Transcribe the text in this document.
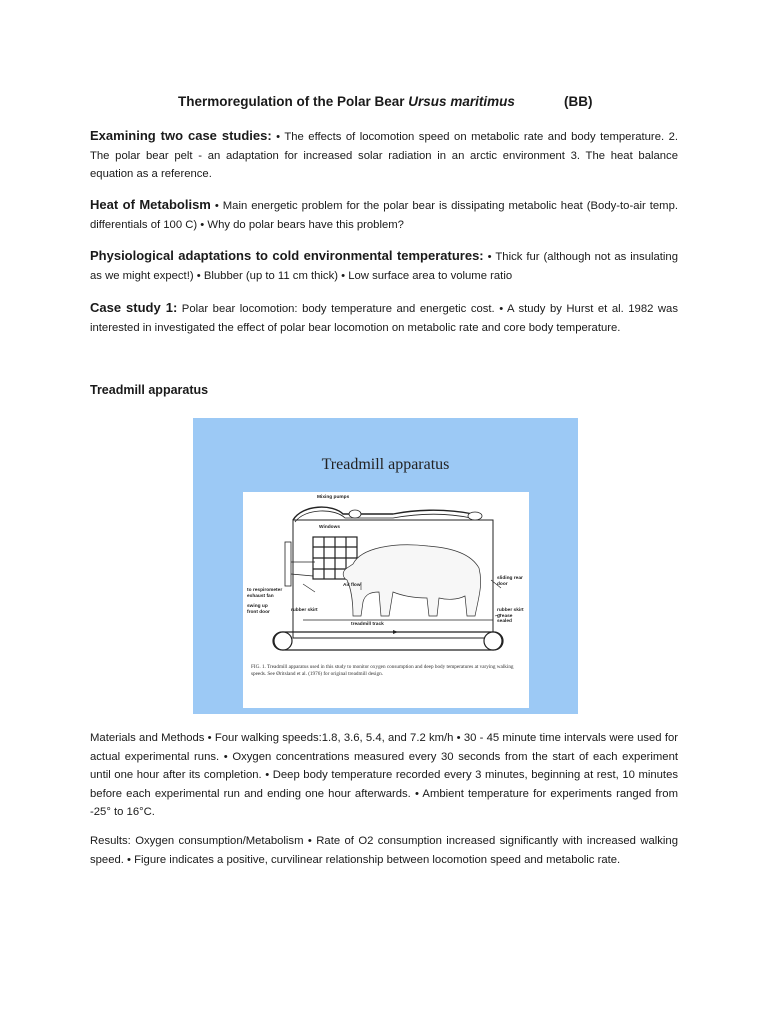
Thermoregulation of the Polar Bear Ursus maritimus	(BB)
Examining two case studies: • The effects of locomotion speed on metabolic rate and body temperature. 2. The polar bear pelt - an adaptation for increased solar radiation in an arctic environment 3. The heat balance equation as a reference.
Heat of Metabolism • Main energetic problem for the polar bear is dissipating metabolic heat (Body-to-air temp. differentials of 100 C) • Why do polar bears have this problem?
Physiological adaptations to cold environmental temperatures: • Thick fur (although not as insulating as we might expect!) • Blubber (up to 11 cm thick) • Low surface area to volume ratio
Case study 1: Polar bear locomotion: body temperature and energetic cost. • A study by Hurst et al. 1982 was interested in investigated the effect of polar bear locomotion on metabolic rate and core body temperature.
Treadmill apparatus
Treadmill apparatus
Mixing pumps
Windows
to respirometer exhaust fan
Air flow
swing up front door	rubber skirt
sliding rear door
rubber skirt grease sealed
treadmill track
FIG. 1. Treadmill apparatus used in this study to monitor oxygen consumption and deep body temperatures at varying walking speeds. See Øritsland et al. (1976) for original treadmill design.
Materials and Methods • Four walking speeds:1.8, 3.6, 5.4, and 7.2 km/h • 30 - 45 minute time intervals were used for actual experimental runs. • Oxygen concentrations measured every 30 seconds from the start of each experiment until one hour after its completion. • Deep body temperature recorded every 3 minutes, beginning at rest, 10 minutes before each experimental run and ending one hour afterwards. • Ambient temperature for experiments ranged from -25° to 16°C.
Results: Oxygen consumption/Metabolism • Rate of O2 consumption increased significantly with increased walking speed. • Figure indicates a positive, curvilinear relationship between locomotion speed and metabolic rate.
